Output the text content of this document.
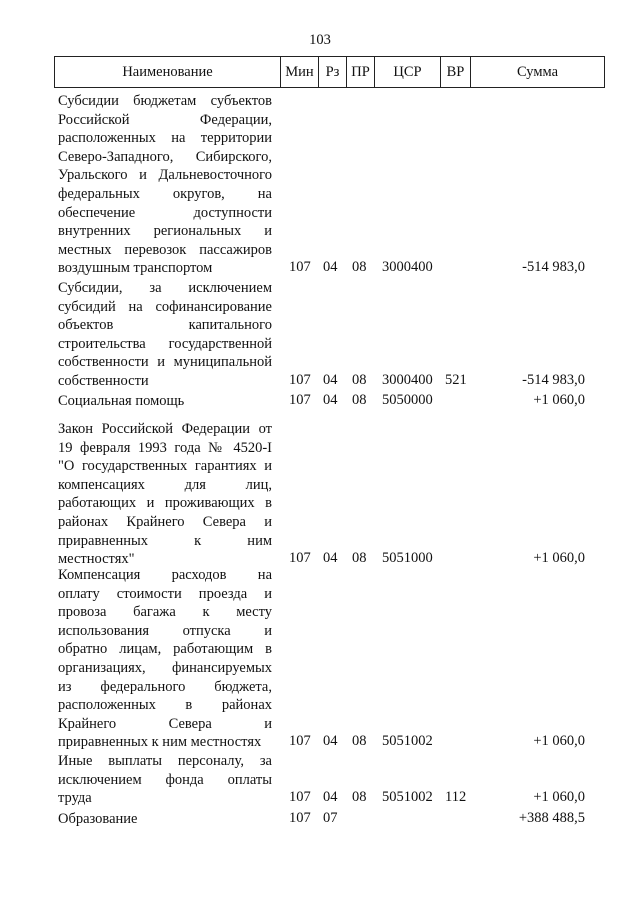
103
Наименование	Мин Рз ПР	ЦСР	ВР	Сумма
Субсидии бюджетам субъектов
Российской Федерации,
расположенных на территории
Северо-Западного, Сибирского,
Уральского и Дальневосточного
федеральных округов, на
обеспечение доступности
внутренних региональных и
местных перевозок пассажиров
воздушным транспортом	107 04 08 3000400	-514 983,0
Субсидии, за исключением
субсидий на софинансирование
объектов капитального
строительства государственной
собственности и муниципальной
собственности	107 04 08 3000400 521	-514 983,0
Социальная помощь	107 04 08 5050000	+1 060,0
Закон Российской Федерации от
19 февраля 1993 года № 4520-I
"О государственных гарантиях и
компенсациях для лиц,
работающих и проживающих в
районах Крайнего Севера и
приравненных к ним
местностях"	107 04 08 5051000	+1 060,0
Компенсация расходов на
оплату стоимости проезда и
провоза багажа к месту
использования отпуска и
обратно лицам, работающим в
организациях, финансируемых
из федерального бюджета,
расположенных в районах
Крайнего Севера и
приравненных к ним местностях	107 04 08 5051002	+1 060,0
Иные выплаты персоналу, за
исключением фонда оплаты
труда	107 04 08 5051002 112	+1 060,0
Образование	107 07	+388 488,5
